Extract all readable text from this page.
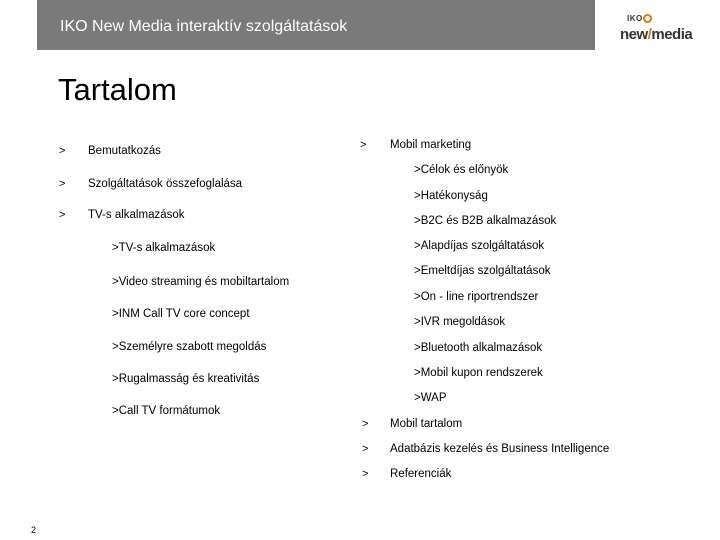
IKO New Media interaktív szolgáltatások	IKO
new/media
Tartalom
> Bemutatkozás
> Szolgáltatások összefoglalása
> TV-s alkalmazások
>TV-s alkalmazások
>Video streaming és mobiltartalom
>INM Call TV core concept
>Személyre szabott megoldás
>Rugalmasság és kreativitás
>Call TV formátumok
> Mobil marketing
>Célok és előnyök
>Hatékonyság
>B2C és B2B alkalmazások
>Alapdíjas szolgáltatások
>Emeltdíjas szolgáltatások
>On - line riportrendszer
>IVR megoldások
>Bluetooth alkalmazások
>Mobil kupon rendszerek
>WAP
> Mobil tartalom
> Adatbázis kezelés és Business Intelligence
> Referenciák
2
